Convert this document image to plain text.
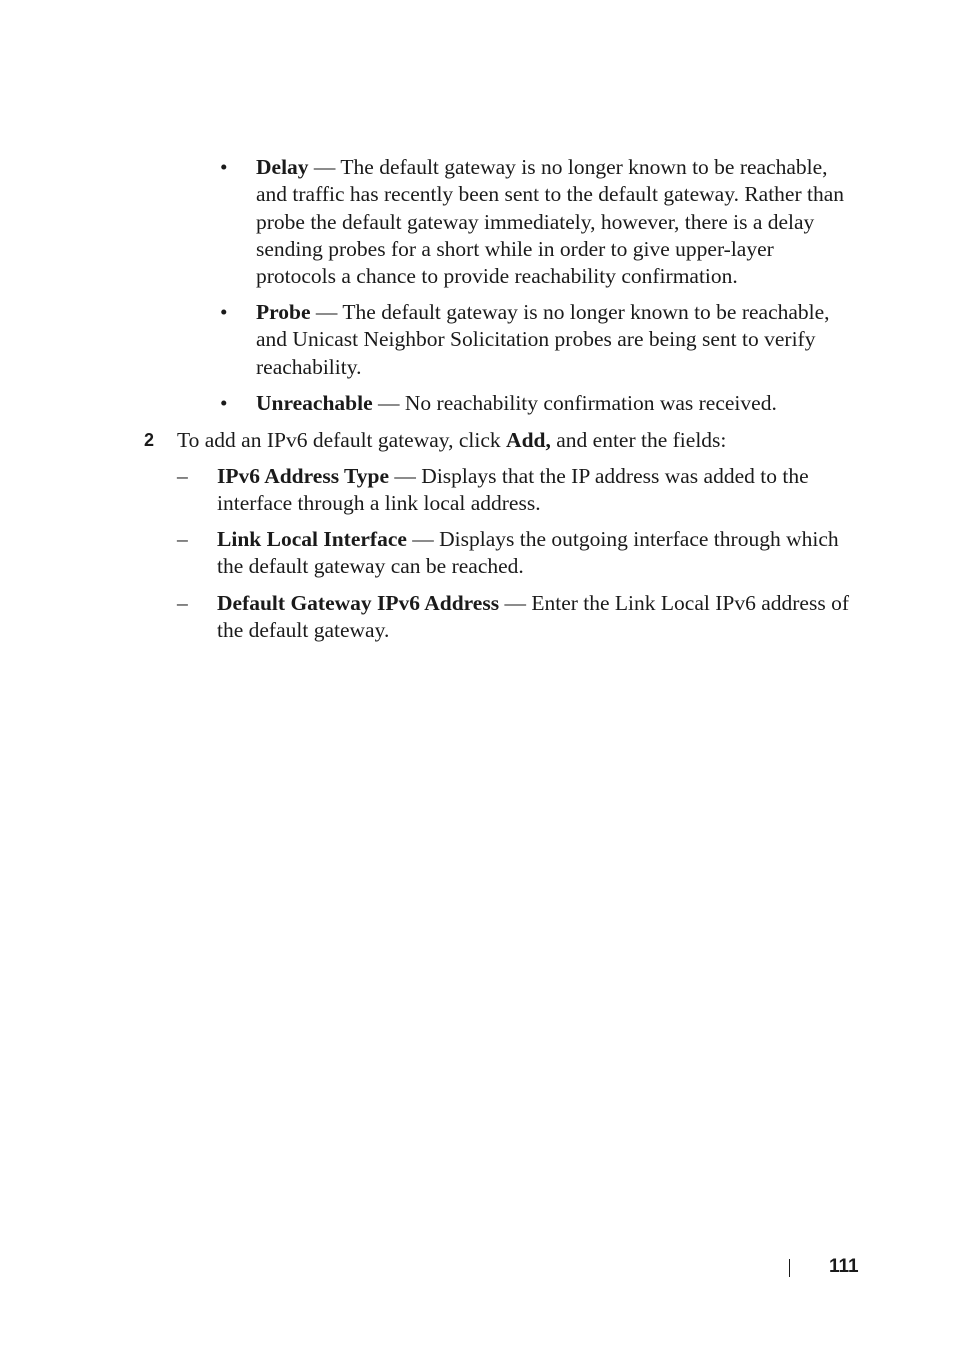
• Delay — The default gateway is no longer known to be reachable, and traffic has recently been sent to the default gateway. Rather than probe the default gateway immediately, however, there is a delay sending probes for a short while in order to give upper-layer protocols a chance to provide reachability confirmation.
• Probe — The default gateway is no longer known to be reachable, and Unicast Neighbor Solicitation probes are being sent to verify reachability.
• Unreachable — No reachability confirmation was received.
2 To add an IPv6 default gateway, click Add, and enter the fields:
– IPv6 Address Type — Displays that the IP address was added to the interface through a link local address.
– Link Local Interface — Displays the outgoing interface through which the default gateway can be reached.
– Default Gateway IPv6 Address — Enter the Link Local IPv6 address of the default gateway.
111
